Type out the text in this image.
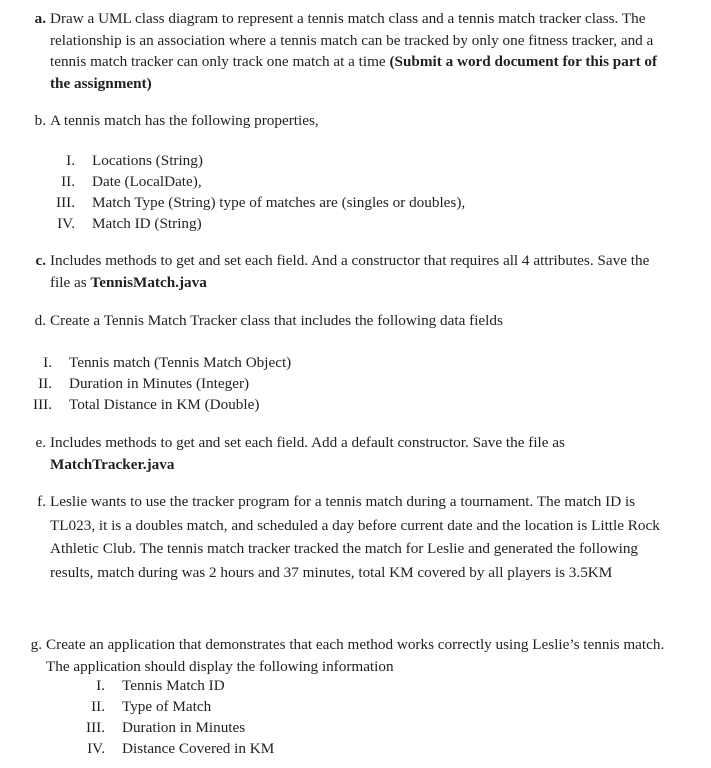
a. Draw a UML class diagram to represent a tennis match class and a tennis match tracker class. The relationship is an association where a tennis match can be tracked by only one fitness tracker, and a tennis match tracker can only track one match at a time (Submit a word document for this part of the assignment)
b. A tennis match has the following properties,
I. Locations (String)
II. Date (LocalDate),
III. Match Type (String) type of matches are (singles or doubles),
IV. Match ID (String)
c. Includes methods to get and set each field. And a constructor that requires all 4 attributes. Save the file as TennisMatch.java
d. Create a Tennis Match Tracker class that includes the following data fields
I. Tennis match (Tennis Match Object)
II. Duration in Minutes (Integer)
III. Total Distance in KM (Double)
e. Includes methods to get and set each field. Add a default constructor. Save the file as MatchTracker.java
f. Leslie wants to use the tracker program for a tennis match during a tournament. The match ID is TL023, it is a doubles match, and scheduled a day before current date and the location is Little Rock Athletic Club. The tennis match tracker tracked the match for Leslie and generated the following results, match during was 2 hours and 37 minutes, total KM covered by all players is 3.5KM
g. Create an application that demonstrates that each method works correctly using Leslie’s tennis match. The application should display the following information
I. Tennis Match ID
II. Type of Match
III. Duration in Minutes
IV. Distance Covered in KM
